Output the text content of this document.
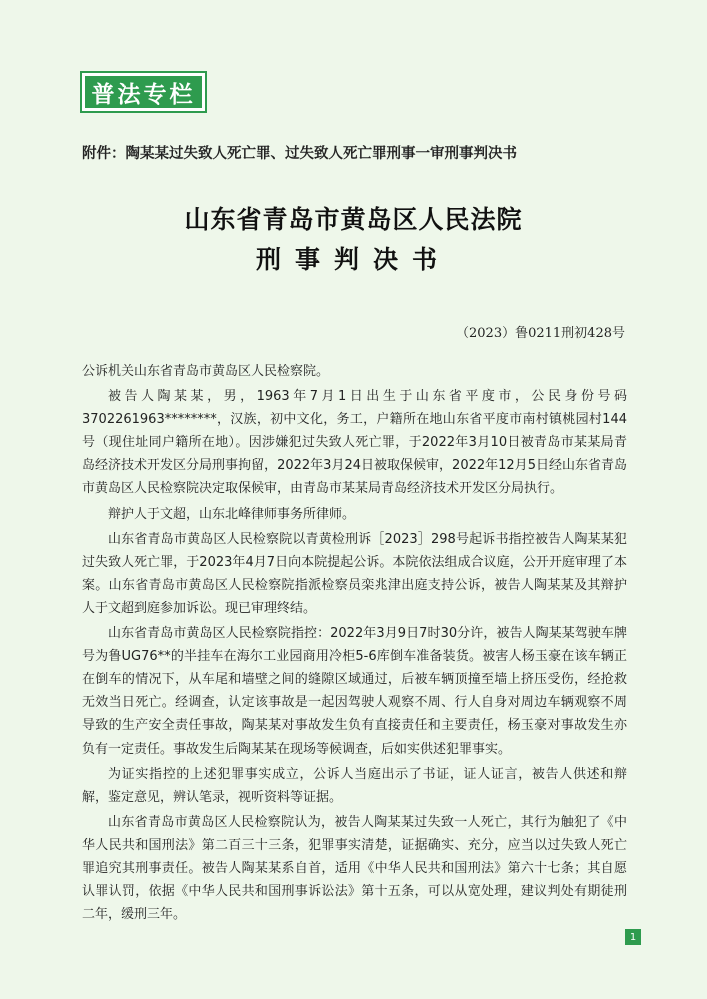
普法专栏
附件：陶某某过失致人死亡罪、过失致人死亡罪刑事一审刑事判决书
山东省青岛市黄岛区人民法院
刑事判决书
（2023）鲁0211刑初428号

公诉机关山东省青岛市黄岛区人民检察院。

被告人陶某某，男，1963年7月1日出生于山东省平度市，公民身份号码3702261963********，汉族，初中文化，务工，户籍所在地山东省平度市南村镇桃园村144号（现住址同户籍所在地）。因涉嫌犯过失致人死亡罪，于2022年3月10日被青岛市某某局青岛经济技术开发区分局刑事拘留，2022年3月24日被取保候审，2022年12月5日经山东省青岛市黄岛区人民检察院决定取保候审，由青岛市某某局青岛经济技术开发区分局执行。

辩护人于文超，山东北峰律师事务所律师。

山东省青岛市黄岛区人民检察院以青黄检刑诉［2023］298号起诉书指控被告人陶某某犯过失致人死亡罪，于2023年4月7日向本院提起公诉。本院依法组成合议庭，公开开庭审理了本案。山东省青岛市黄岛区人民检察院指派检察员栾兆津出庭支持公诉，被告人陶某某及其辩护人于文超到庭参加诉讼。现已审理终结。

山东省青岛市黄岛区人民检察院指控：2022年3月9日7时30分许，被告人陶某某驾驶车牌号为鲁UG76**的半挂车在海尔工业园商用冷柜5-6库倒车准备装货。被害人杨玉豪在该车辆正在倒车的情况下，从车尾和墙壁之间的缝隙区域通过，后被车辆顶撞至墙上挤压受伤，经抢救无效当日死亡。经调查，认定该事故是一起因驾驶人观察不周、行人自身对周边车辆观察不周导致的生产安全责任事故，陶某某对事故发生负有直接责任和主要责任，杨玉豪对事故发生亦负有一定责任。事故发生后陶某某在现场等候调查，后如实供述犯罪事实。

为证实指控的上述犯罪事实成立，公诉人当庭出示了书证，证人证言，被告人供述和辩解，鉴定意见，辨认笔录，视听资料等证据。

山东省青岛市黄岛区人民检察院认为，被告人陶某某过失致一人死亡，其行为触犯了《中华人民共和国刑法》第二百三十三条，犯罪事实清楚，证据确实、充分，应当以过失致人死亡罪追究其刑事责任。被告人陶某某系自首，适用《中华人民共和国刑法》第六十七条；其自愿认罪认罚，依据《中华人民共和国刑事诉讼法》第十五条，可以从宽处理，建议判处有期徒刑二年，缓刑三年。

1
